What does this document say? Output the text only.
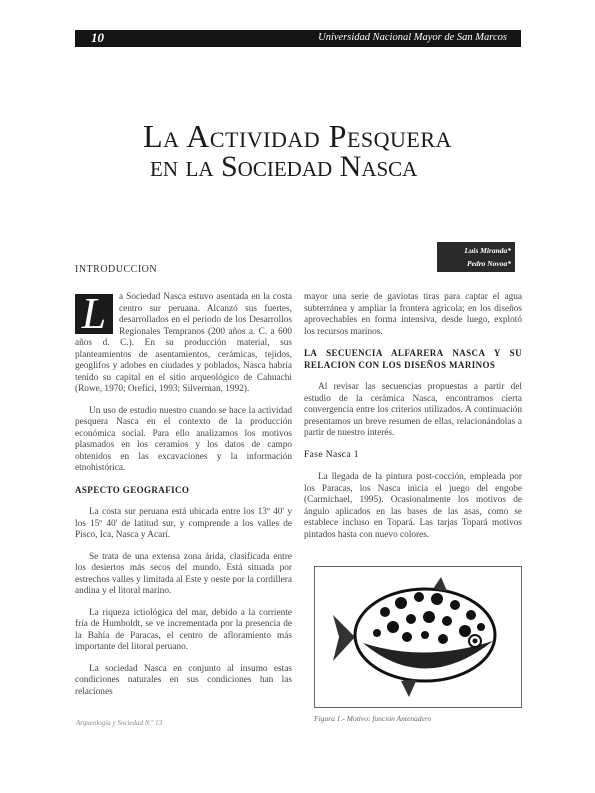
10	Universidad Nacional Mayor de San Marcos
La Actividad Pesquera
en la Sociedad Nasca
Luis Miranda*
Pedro Novoa*
INTRODUCCION

L	a Sociedad Nasca estuvo asentada en la costa centro sur peruana. Alcanzó sus fuertes, desarrollados en el periodo de los Desarrollos Regionales Tempranos (200 años a. C. a 600 años d. C.). En su producción material, sus planteamientos de asentamientos, cerámicas, tejidos, geoglifos y adobes en ciudades y poblados, Nasca habría tenido su capital en el sitio arqueológico de Cahuachi (Rowe, 1970; Orefici, 1993; Silverman, 1992).

Un uso de estudio nuestro cuando se hace la actividad pesquera Nasca en el contexto de la producción económica social. Para ello analizamos los motivos plasmados en los ceramios y los datos de campo obtenidos en las excavaciones y la información etnohistórica.

ASPECTO GEOGRAFICO

La costa sur peruana está ubicada entre los 13º 40' y los 15º 40' de latitud sur, y comprende a los valles de Pisco, Ica, Nasca y Acarí.

Se trata de una extensa zona árida, clasificada entre los desiertos más secos del mundo. Está situada por estrechos valles y limitada al Este y oeste por la cordillera andina y el litoral marino.

La riqueza ictiológica del mar, debido a la corriente fría de Humboldt, se ve incrementada por la presencia de la Bahía de Paracas, el centro de afloramiento más importante del litoral peruano.

La sociedad Nasca en conjunto al insumo estas condiciones naturales en sus condiciones han las relaciones

mayor una serie de gaviotas tiras para captar el agua subterránea y ampliar la frontera agrícola; en los diseños aprovechables en forma intensiva, desde luego, explotó los recursos marinos.

LA SECUENCIA ALFARERA NASCA Y SU RELACION CON LOS DISEÑOS MARINOS

Al revisar las secuencias propuestas a partir del estudio de la cerámica Nasca, encontramos cierta convergencia entre los criterios utilizados. A continuación presentamos un breve resumen de ellas, relacionándolas a partir de nuestro interés.

Fase Nasca 1

La llegada de la pintura post-cocción, empleada por los Paracas, los Nasca inicia el juego del engobe (Carmichael, 1995). Ocasionalmente los motivos de ángulo aplicados en las bases de las asas, como se establece incluso en Topará. Las tarjas Topará motivos pintados hasta con nuevo colores.

Figura 1.- Motivo: función Antenadero
Arqueología y Sociedad N.º 13
